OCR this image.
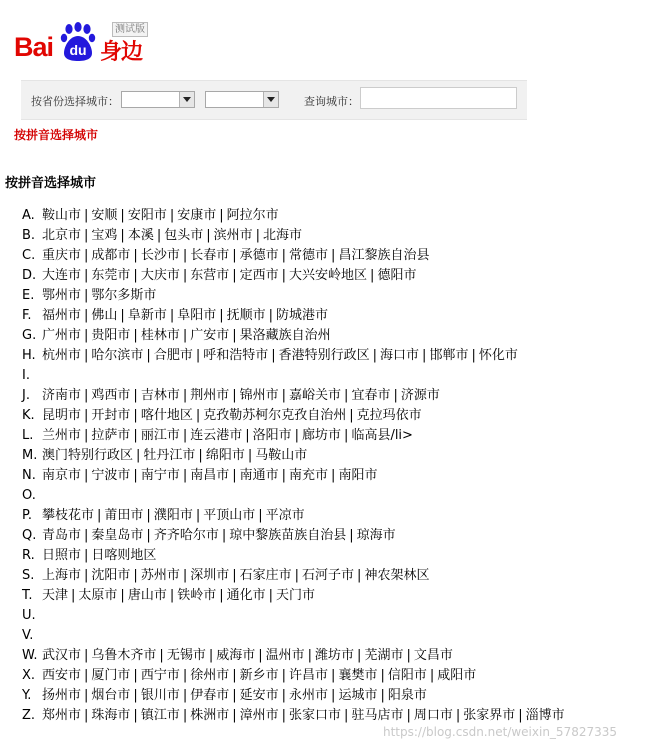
Bai du 身边
测试版
按省份选择城市：	查询城市：
按拼音选择城市
按拼音选择城市
A. 鞍山市 | 安顺 | 安阳市 | 安康市 | 阿拉尔市
B. 北京市 | 宝鸡 | 本溪 | 包头市 | 滨州市 | 北海市
C. 重庆市 | 成都市 | 长沙市 | 长春市 | 承德市 | 常德市 | 昌江黎族自治县
D. 大连市 | 东莞市 | 大庆市 | 东营市 | 定西市 | 大兴安岭地区 | 德阳市
E. 鄂州市 | 鄂尔多斯市
F. 福州市 | 佛山 | 阜新市 | 阜阳市 | 抚顺市 | 防城港市
G. 广州市 | 贵阳市 | 桂林市 | 广安市 | 果洛藏族自治州
H. 杭州市 | 哈尔滨市 | 合肥市 | 呼和浩特市 | 香港特别行政区 | 海口市 | 邯郸市 | 怀化市
I.
J. 济南市 | 鸡西市 | 吉林市 | 荆州市 | 锦州市 | 嘉峪关市 | 宜春市 | 济源市
K. 昆明市 | 开封市 | 喀什地区 | 克孜勒苏柯尔克孜自治州 | 克拉玛依市
L. 兰州市 | 拉萨市 | 丽江市 | 连云港市 | 洛阳市 | 廊坊市 | 临高县/li>
M. 澳门特别行政区 | 牡丹江市 | 绵阳市 | 马鞍山市
N. 南京市 | 宁波市 | 南宁市 | 南昌市 | 南通市 | 南充市 | 南阳市
O.
P. 攀枝花市 | 莆田市 | 濮阳市 | 平顶山市 | 平凉市
Q. 青岛市 | 秦皇岛市 | 齐齐哈尔市 | 琼中黎族苗族自治县 | 琼海市
R. 日照市 | 日喀则地区
S. 上海市 | 沈阳市 | 苏州市 | 深圳市 | 石家庄市 | 石河子市 | 神农架林区
T. 天津 | 太原市 | 唐山市 | 铁岭市 | 通化市 | 天门市
U.
V.
W. 武汉市 | 乌鲁木齐市 | 无锡市 | 威海市 | 温州市 | 潍坊市 | 芜湖市 | 文昌市
X. 西安市 | 厦门市 | 西宁市 | 徐州市 | 新乡市 | 许昌市 | 襄樊市 | 信阳市 | 咸阳市
Y. 扬州市 | 烟台市 | 银川市 | 伊春市 | 延安市 | 永州市 | 运城市 | 阳泉市
Z. 郑州市 | 珠海市 | 镇江市 | 株洲市 | 漳州市 | 张家口市 | 驻马店市 | 周口市 | 张家界市 | 淄博市
https://blog.csdn.net/weixin_57827335
